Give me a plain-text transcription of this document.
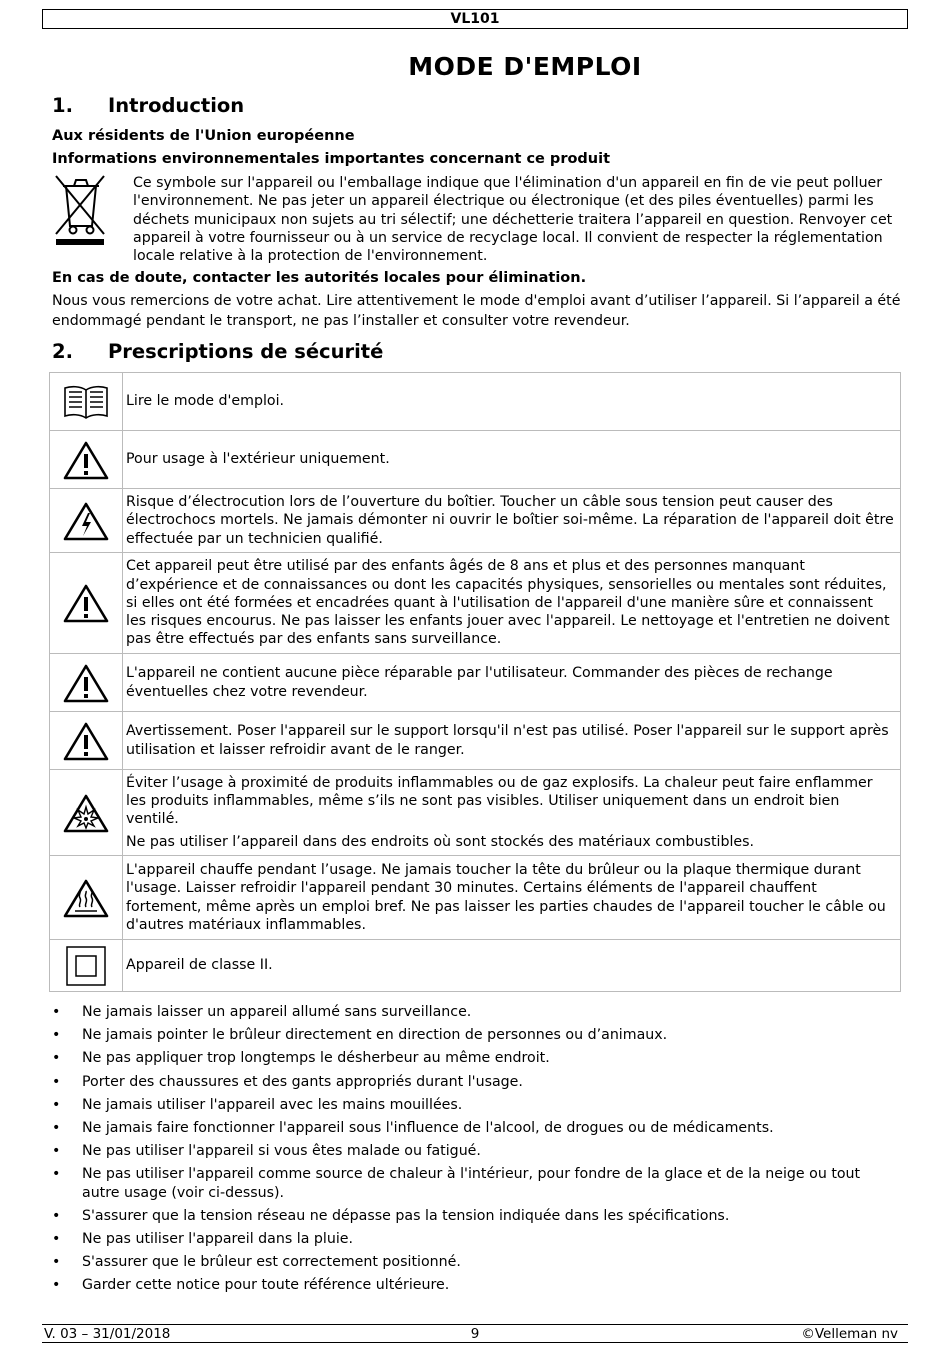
VL101
MODE D'EMPLOI
1. Introduction
Aux résidents de l'Union européenne
Informations environnementales importantes concernant ce produit
Ce symbole sur l'appareil ou l'emballage indique que l'élimination d'un appareil en fin de vie peut polluer l'environnement. Ne pas jeter un appareil électrique ou électronique (et des piles éventuelles) parmi les déchets municipaux non sujets au tri sélectif; une déchetterie traitera l’appareil en question. Renvoyer cet appareil à votre fournisseur ou à un service de recyclage local. Il convient de respecter la réglementation locale relative à la protection de l'environnement.
En cas de doute, contacter les autorités locales pour élimination.
Nous vous remercions de votre achat. Lire attentivement le mode d'emploi avant d’utiliser l’appareil. Si l’appareil a été endommagé pendant le transport, ne pas l’installer et consulter votre revendeur.
2. Prescriptions de sécurité

Lire le mode d'emploi.

Pour usage à l'extérieur uniquement.

Risque d’électrocution lors de l’ouverture du boîtier. Toucher un câble sous tension peut causer des électrochocs mortels. Ne jamais démonter ni ouvrir le boîtier soi-même. La réparation de l'appareil doit être effectuée par un technicien qualifié.

Cet appareil peut être utilisé par des enfants âgés de 8 ans et plus et des personnes manquant d’expérience et de connaissances ou dont les capacités physiques, sensorielles ou mentales sont réduites, si elles ont été formées et encadrées quant à l'utilisation de l'appareil d'une manière sûre et connaissent les risques encourus. Ne pas laisser les enfants jouer avec l'appareil. Le nettoyage et l'entretien ne doivent pas être effectués par des enfants sans surveillance.

L'appareil ne contient aucune pièce réparable par l'utilisateur. Commander des pièces de rechange éventuelles chez votre revendeur.

Avertissement. Poser l'appareil sur le support lorsqu'il n'est pas utilisé. Poser l'appareil sur le support après utilisation et laisser refroidir avant de le ranger.

Éviter l’usage à proximité de produits inflammables ou de gaz explosifs. La chaleur peut faire enflammer les produits inflammables, même s’ils ne sont pas visibles. Utiliser uniquement dans un endroit bien ventilé.

Ne pas utiliser l’appareil dans des endroits où sont stockés des matériaux combustibles.

L'appareil chauffe pendant l’usage. Ne jamais toucher la tête du brûleur ou la plaque thermique durant l'usage. Laisser refroidir l'appareil pendant 30 minutes. Certains éléments de l'appareil chauffent fortement, même après un emploi bref. Ne pas laisser les parties chaudes de l'appareil toucher le câble ou d'autres matériaux inflammables.

Appareil de classe II.

• Ne jamais laisser un appareil allumé sans surveillance.
• Ne jamais pointer le brûleur directement en direction de personnes ou d’animaux.
• Ne pas appliquer trop longtemps le désherbeur au même endroit.
• Porter des chaussures et des gants appropriés durant l'usage.
• Ne jamais utiliser l'appareil avec les mains mouillées.
• Ne jamais faire fonctionner l'appareil sous l'influence de l'alcool, de drogues ou de médicaments.
• Ne pas utiliser l'appareil si vous êtes malade ou fatigué.
• Ne pas utiliser l'appareil comme source de chaleur à l'intérieur, pour fondre de la glace et de la neige ou tout autre usage (voir ci-dessus).
• S'assurer que la tension réseau ne dépasse pas la tension indiquée dans les spécifications.
• Ne pas utiliser l'appareil dans la pluie.
• S'assurer que le brûleur est correctement positionné.
• Garder cette notice pour toute référence ultérieure.
V. 03 – 31/01/2018	9	©Velleman nv
